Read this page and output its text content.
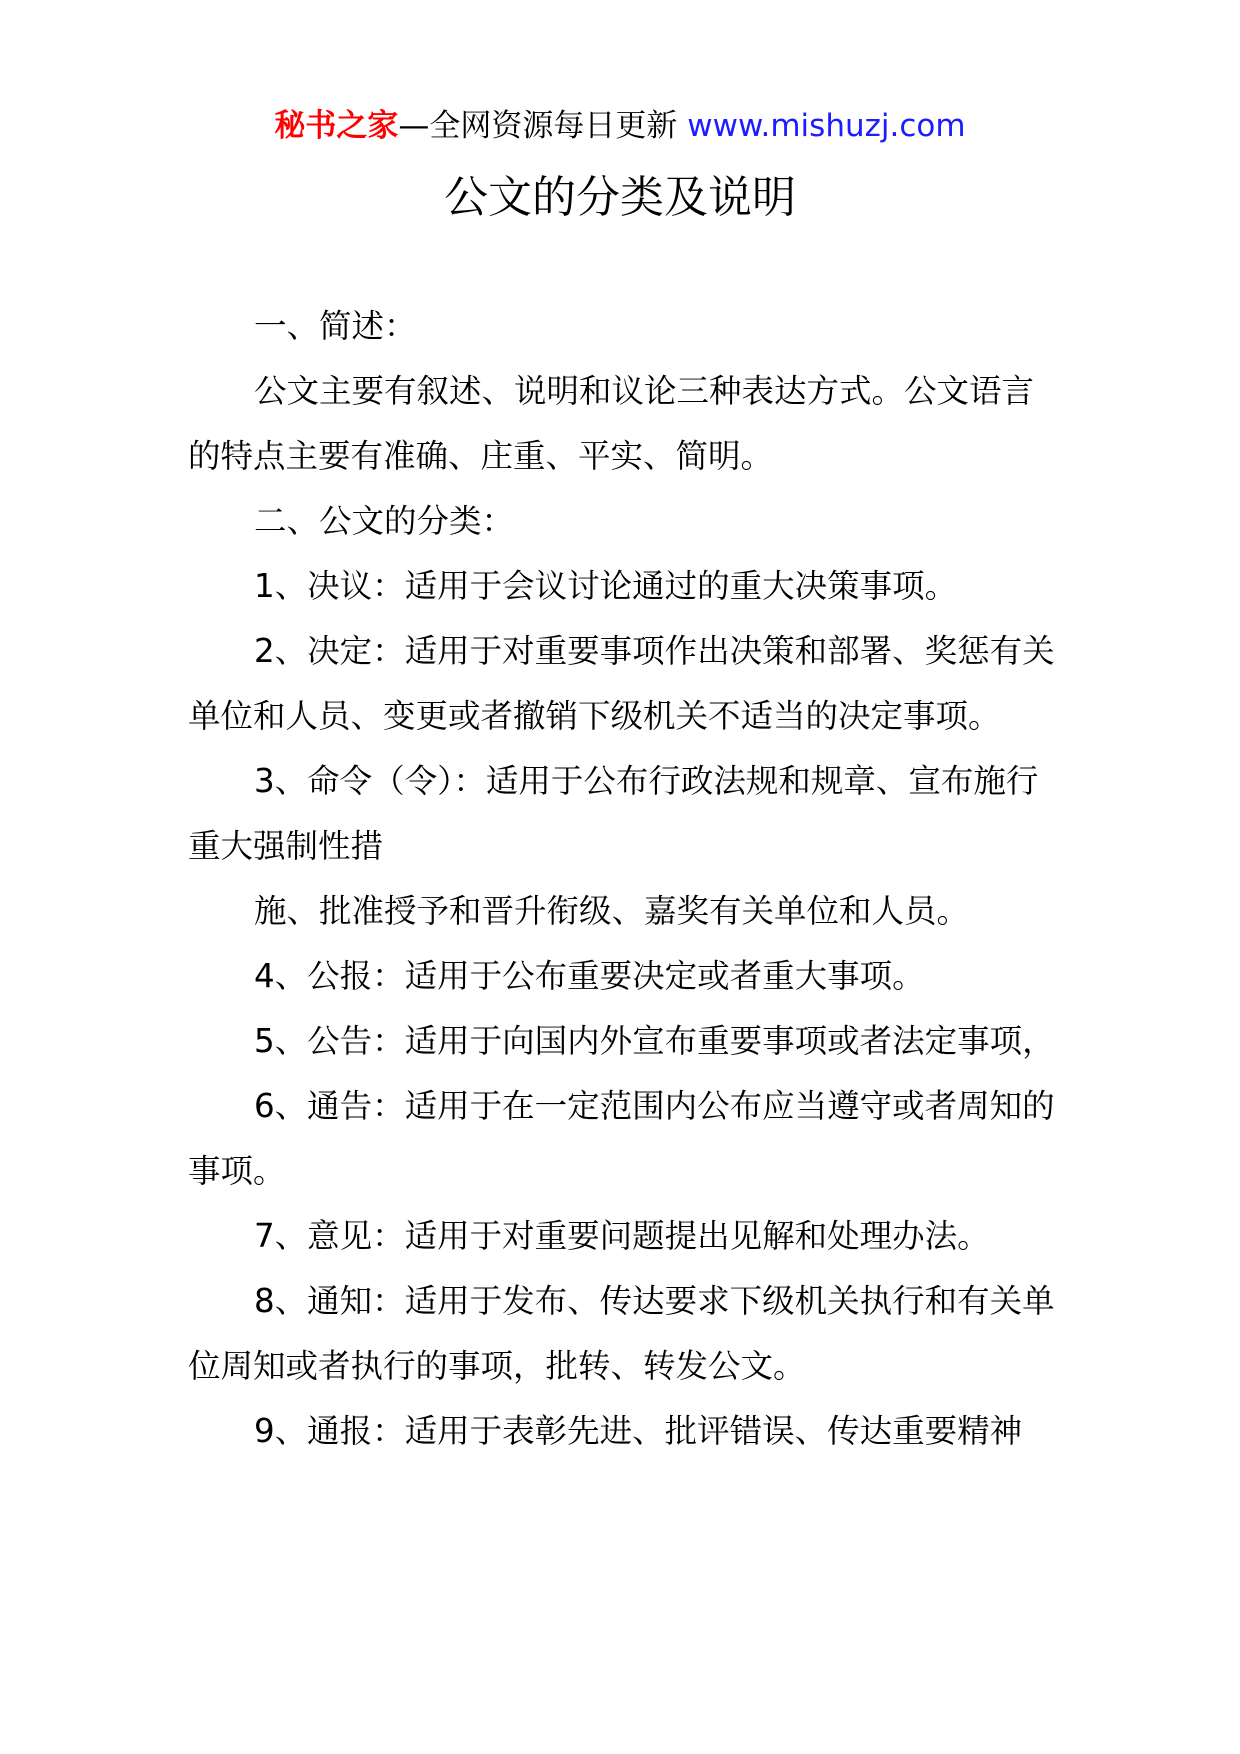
秘书之家—全网资源每日更新 www.mishuzj.com
公文的分类及说明

一、简述：

公文主要有叙述、说明和议论三种表达方式。公文语言的特点主要有准确、庄重、平实、简明。

二、公文的分类：

1、决议：适用于会议讨论通过的重大决策事项。

2、决定：适用于对重要事项作出决策和部署、奖惩有关单位和人员、变更或者撤销下级机关不适当的决定事项。

3、命令（令）：适用于公布行政法规和规章、宣布施行重大强制性措

施、批准授予和晋升衔级、嘉奖有关单位和人员。

4、公报：适用于公布重要决定或者重大事项。

5、公告：适用于向国内外宣布重要事项或者法定事项，

6、通告：适用于在一定范围内公布应当遵守或者周知的事项。

7、意见：适用于对重要问题提出见解和处理办法。

8、通知：适用于发布、传达要求下级机关执行和有关单位周知或者执行的事项，批转、转发公文。

9、通报：适用于表彰先进、批评错误、传达重要精神
